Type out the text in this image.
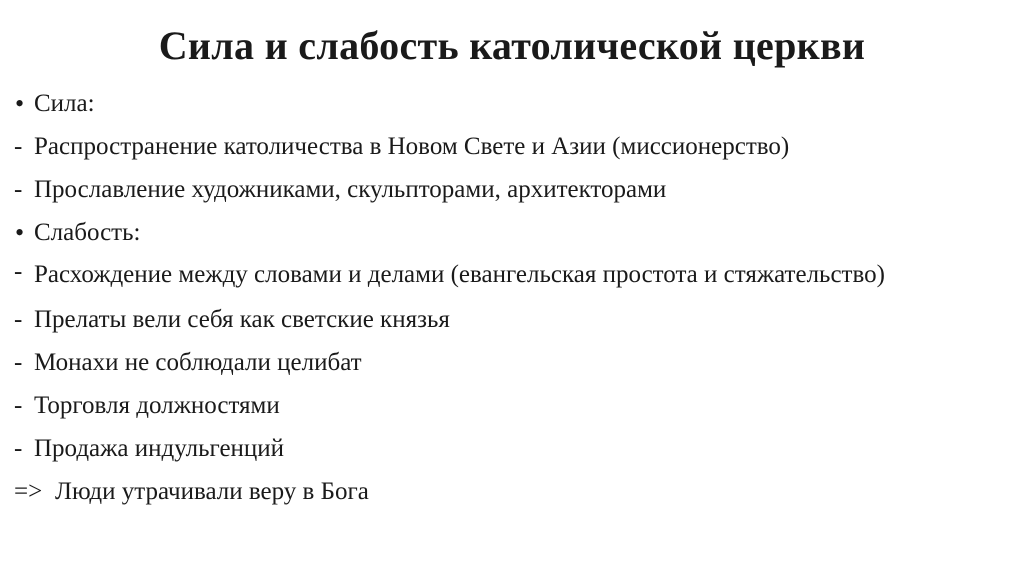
Сила и слабость католической церкви
• Сила:
- Распространение католичества в Новом Свете и Азии (миссионерство)
- Прославление художниками, скульпторами, архитекторами
• Слабость:
- Расхождение между словами и делами (евангельская простота и стяжательство)
- Прелаты вели себя как светские князья
- Монахи не соблюдали целибат
- Торговля должностями
- Продажа индульгенций
=> Люди утрачивали веру в Бога
